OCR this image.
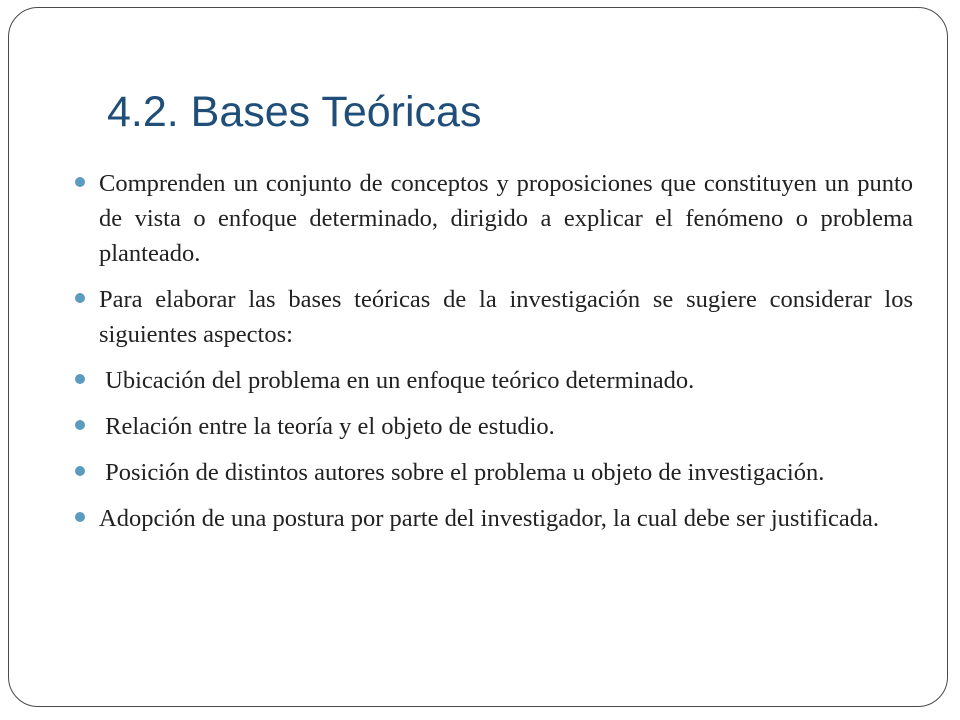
4.2. Bases Teóricas
Comprenden un conjunto de conceptos y proposiciones que constituyen un punto de vista o enfoque determinado, dirigido a explicar el fenómeno o problema planteado.
Para elaborar las bases teóricas de la investigación se sugiere considerar los siguientes aspectos:
Ubicación del problema en un enfoque teórico determinado.
Relación entre la teoría y el objeto de estudio.
Posición de distintos autores sobre el problema u objeto de investigación.
Adopción de una postura por parte del investigador, la cual debe ser justificada.
